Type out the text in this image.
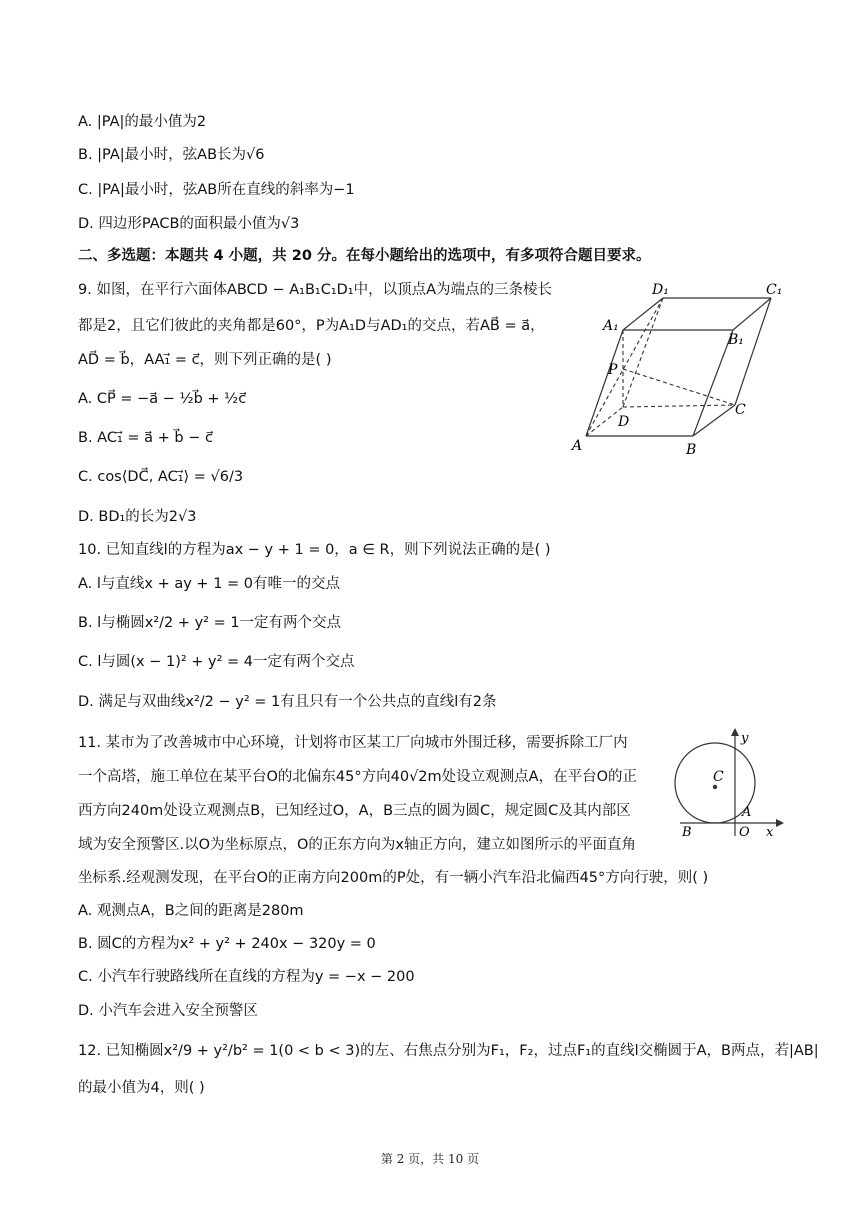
A. |PA|的最小值为2
B. |PA|最小时，弦AB长为√6
C. |PA|最小时，弦AB所在直线的斜率为−1
D. 四边形PACB的面积最小值为√3
二、多选题：本题共 4 小题，共 20 分。在每小题给出的选项中，有多项符合题目要求。
9. 如图，在平行六面体ABCD − A₁B₁C₁D₁中，以顶点A为端点的三条棱长
都是2，且它们彼此的夹角都是60°，P为A₁D与AD₁的交点，若AB⃗ = a⃗，
AD⃗ = b⃗，AA₁⃗ = c⃗，则下列正确的是( )
A. CP⃗ = −a⃗ − ½b⃗ + ½c⃗
B. AC₁⃗ = a⃗ + b⃗ − c⃗
C. cos⟨DC⃗, AC₁⃗⟩ = √6/3
D. BD₁的长为2√3
10. 已知直线l的方程为ax − y + 1 = 0，a ∈ R，则下列说法正确的是( )
A. l与直线x + ay + 1 = 0有唯一的交点
B. l与椭圆x²/2 + y² = 1一定有两个交点
C. l与圆(x − 1)² + y² = 4一定有两个交点
D. 满足与双曲线x²/2 − y² = 1有且只有一个公共点的直线l有2条
11. 某市为了改善城市中心环境，计划将市区某工厂向城市外围迁移，需要拆除工厂内
一个高塔，施工单位在某平台O的北偏东45°方向40√2m处设立观测点A，在平台O的正
西方向240m处设立观测点B，已知经过O，A，B三点的圆为圆C，规定圆C及其内部区
域为安全预警区.以O为坐标原点，O的正东方向为x轴正方向，建立如图所示的平面直角
坐标系.经观测发现，在平台O的正南方向200m的P处，有一辆小汽车沿北偏西45°方向行驶，则( )
A. 观测点A，B之间的距离是280m
B. 圆C的方程为x² + y² + 240x − 320y = 0
C. 小汽车行驶路线所在直线的方程为y = −x − 200
D. 小汽车会进入安全预警区
12. 已知椭圆x²/9 + y²/b² = 1(0 < b < 3)的左、右焦点分别为F₁，F₂，过点F₁的直线l交椭圆于A，B两点，若|AB|
的最小值为4，则( )
D₁	C₁
A₁
B₁
P
D
C
A	B
y
C
A
B	O x
第 2 页，共 10 页
